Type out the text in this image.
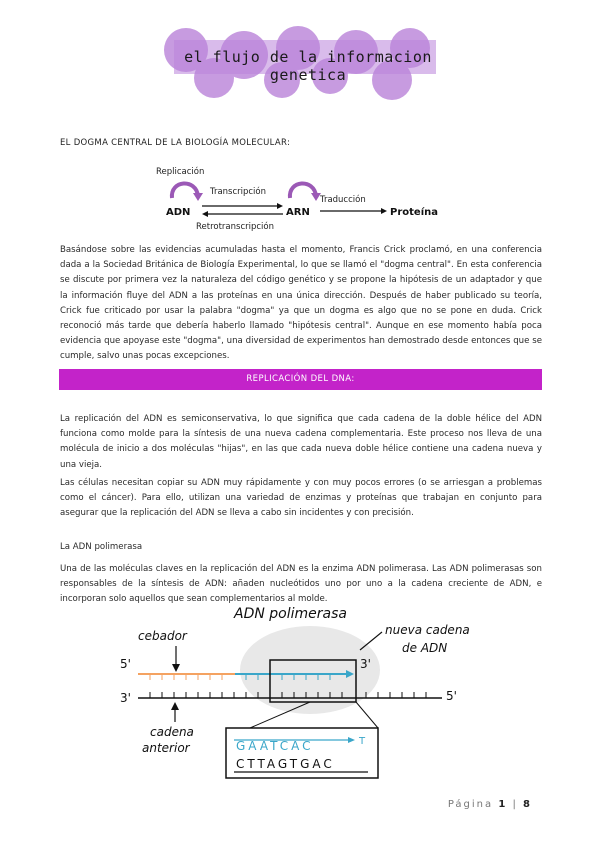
el flujo de la informacion genetica
EL DOGMA CENTRAL DE LA BIOLOGÍA MOLECULAR:
Replicación
ADN
Transcripción
Retrotranscripción
ARN
Traducción
Proteína
Basándose sobre las evidencias acumuladas hasta el momento, Francis Crick proclamó, en una conferencia dada a la Sociedad Británica de Biología Experimental, lo que se llamó el "dogma central". En esta conferencia se discute por primera vez la naturaleza del código genético y se propone la hipótesis de un adaptador y que la información fluye del ADN a las proteínas en una única dirección. Después de haber publicado su teoría, Crick fue criticado por usar la palabra "dogma" ya que un dogma es algo que no se pone en duda. Crick reconoció más tarde que debería haberlo llamado "hipótesis central". Aunque en ese momento había poca evidencia que apoyase este "dogma", una diversidad de experimentos han demostrado desde entonces que se cumple, salvo unas pocas excepciones.
REPLICACIÓN DEL DNA:
La replicación del ADN es semiconservativa, lo que significa que cada cadena de la doble hélice del ADN funciona como molde para la síntesis de una nueva cadena complementaria. Este proceso nos lleva de una molécula de inicio a dos moléculas "hijas", en las que cada nueva doble hélice contiene una cadena nueva y una vieja.
Las células necesitan copiar su ADN muy rápidamente y con muy pocos errores (o se arriesgan a problemas como el cáncer). Para ello, utilizan una variedad de enzimas y proteínas que trabajan en conjunto para asegurar que la replicación del ADN se lleva a cabo sin incidentes y con precisión.
La ADN polimerasa
Una de las moléculas claves en la replicación del ADN es la enzima ADN polimerasa. Las ADN polimerasas son responsables de la síntesis de ADN: añaden nucleótidos uno por uno a la cadena creciente de ADN, e incorporan solo aquellos que sean complementarios al molde.
ADN polimerasa
cebador	nueva cadena
de ADN
5'	3'
3'	5'
cadena
anterior	GAATCAC	T
CTTAGTGAC
Página 1 | 8
